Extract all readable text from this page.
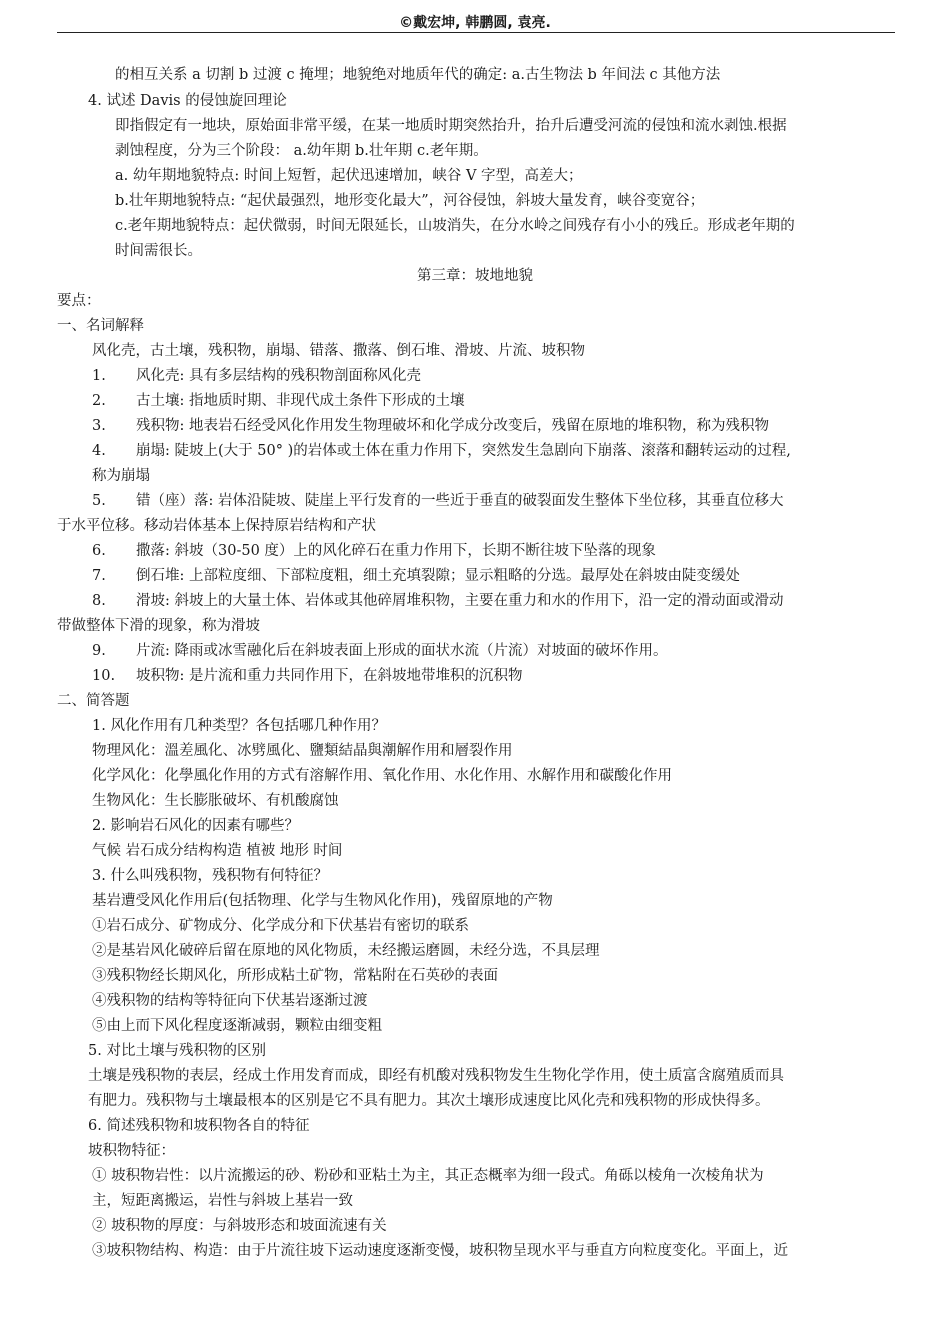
©戴宏坤, 韩鹏圆, 袁亮.
的相互关系 a 切割 b 过渡 c 掩埋；地貌绝对地质年代的确定: a.古生物法 b 年间法 c 其他方法
4. 试述 Davis 的侵蚀旋回理论
即指假定有一地块，原始面非常平缓，在某一地质时期突然抬升，抬升后遭受河流的侵蚀和流水剥蚀.根据
剥蚀程度，分为三个阶段： a.幼年期 b.壮年期 c.老年期。
a. 幼年期地貌特点: 时间上短暂，起伏迅速增加，峡谷 V 字型，高差大；
b.壮年期地貌特点: “起伏最强烈，地形变化最大”，河谷侵蚀，斜坡大量发育，峡谷变宽谷；
c.老年期地貌特点：起伏微弱，时间无限延长，山坡消失，在分水岭之间残存有小小的残丘。形成老年期的
时间需很长。
第三章：坡地地貌
要点：
一、名词解释
风化壳，古土壤，残积物，崩塌、错落、撒落、倒石堆、滑坡、片流、坡积物
1. 风化壳: 具有多层结构的残积物剖面称风化壳
2. 古土壤: 指地质时期、非现代成土条件下形成的土壤
3. 残积物: 地表岩石经受风化作用发生物理破坏和化学成分改变后，残留在原地的堆积物，称为残积物
4. 崩塌: 陡坡上(大于 50° )的岩体或土体在重力作用下，突然发生急剧向下崩落、滚落和翻转运动的过程,
称为崩塌
5. 错（座）落: 岩体沿陡坡、陡崖上平行发育的一些近于垂直的破裂面发生整体下坐位移，其垂直位移大
于水平位移。移动岩体基本上保持原岩结构和产状
6. 撒落: 斜坡（30-50 度）上的风化碎石在重力作用下，长期不断往坡下坠落的现象
7. 倒石堆: 上部粒度细、下部粒度粗，细土充填裂隙；显示粗略的分选。最厚处在斜坡由陡变缓处
8. 滑坡: 斜坡上的大量土体、岩体或其他碎屑堆积物，主要在重力和水的作用下，沿一定的滑动面或滑动
带做整体下滑的现象，称为滑坡
9. 片流: 降雨或冰雪融化后在斜坡表面上形成的面状水流（片流）对坡面的破坏作用。
10. 坡积物: 是片流和重力共同作用下，在斜坡地带堆积的沉积物
二、简答题
1. 风化作用有几种类型？各包括哪几种作用？
物理风化：溫差風化、冰劈風化、鹽類結晶與潮解作用和層裂作用
化学风化：化學風化作用的方式有溶解作用、氧化作用、水化作用、水解作用和碳酸化作用
生物风化：生长膨胀破坏、有机酸腐蚀
2. 影响岩石风化的因素有哪些？
气候 岩石成分结构构造 植被 地形 时间
3. 什么叫残积物，残积物有何特征？
基岩遭受风化作用后(包括物理、化学与生物风化作用)，残留原地的产物
①岩石成分、矿物成分、化学成分和下伏基岩有密切的联系
②是基岩风化破碎后留在原地的风化物质，未经搬运磨圆，未经分选，不具层理
③残积物经长期风化，所形成粘土矿物，常粘附在石英砂的表面
④残积物的结构等特征向下伏基岩逐渐过渡
⑤由上而下风化程度逐渐减弱，颗粒由细变粗
5. 对比土壤与残积物的区别
土壤是残积物的表层，经成土作用发育而成，即经有机酸对残积物发生生物化学作用，使土质富含腐殖质而具
有肥力。残积物与土壤最根本的区别是它不具有肥力。其次土壤形成速度比风化壳和残积物的形成快得多。
6. 简述残积物和坡积物各自的特征
坡积物特征：
① 坡积物岩性：以片流搬运的砂、粉砂和亚粘土为主，其正态概率为细一段式。角砾以棱角一次棱角状为
主，短距离搬运，岩性与斜坡上基岩一致
② 坡积物的厚度：与斜坡形态和坡面流速有关
③坡积物结构、构造：由于片流往坡下运动速度逐渐变慢，坡积物呈现水平与垂直方向粒度变化。平面上，近
